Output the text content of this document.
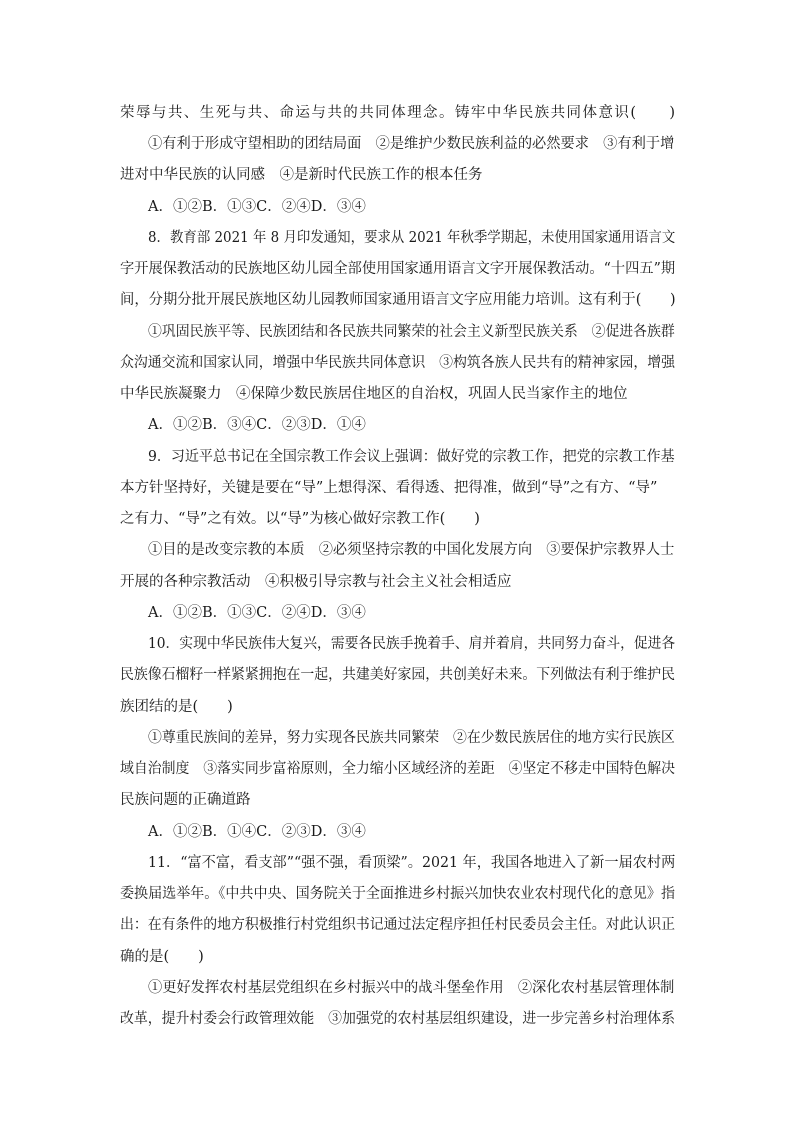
荣辱与共、生死与共、命运与共的共同体理念。铸牢中华民族共同体意识(　　)
①有利于形成守望相助的团结局面　②是维护少数民族利益的必然要求　③有利于增
进对中华民族的认同感　④是新时代民族工作的根本任务
A．①②B．①③C．②④D．③④
8．教育部 2021 年 8 月印发通知，要求从 2021 年秋季学期起，未使用国家通用语言文
字开展保教活动的民族地区幼儿园全部使用国家通用语言文字开展保教活动。“十四五”期
间，分期分批开展民族地区幼儿园教师国家通用语言文字应用能力培训。这有利于(　　)
①巩固民族平等、民族团结和各民族共同繁荣的社会主义新型民族关系　②促进各族群
众沟通交流和国家认同，增强中华民族共同体意识　③构筑各族人民共有的精神家园，增强
中华民族凝聚力　④保障少数民族居住地区的自治权，巩固人民当家作主的地位
A．①②B．③④C．②③D．①④
9．习近平总书记在全国宗教工作会议上强调：做好党的宗教工作，把党的宗教工作基
本方针坚持好，关键是要在“导”上想得深、看得透、把得准，做到“导”之有方、“导”
之有力、“导”之有效。以“导”为核心做好宗教工作(　　)
①目的是改变宗教的本质　②必须坚持宗教的中国化发展方向　③要保护宗教界人士
开展的各种宗教活动　④积极引导宗教与社会主义社会相适应
A．①②B．①③C．②④D．③④
10．实现中华民族伟大复兴，需要各民族手挽着手、肩并着肩，共同努力奋斗，促进各
民族像石榴籽一样紧紧拥抱在一起，共建美好家园，共创美好未来。下列做法有利于维护民
族团结的是(　　)
①尊重民族间的差异，努力实现各民族共同繁荣　②在少数民族居住的地方实行民族区
域自治制度　③落实同步富裕原则，全力缩小区域经济的差距　④坚定不移走中国特色解决
民族问题的正确道路
A．①②B．①④C．②③D．③④
11．“富不富，看支部”“强不强，看顶梁”。2021 年，我国各地进入了新一届农村两
委换届选举年。《中共中央、国务院关于全面推进乡村振兴加快农业农村现代化的意见》指
出：在有条件的地方积极推行村党组织书记通过法定程序担任村民委员会主任。对此认识正
确的是(　　)
①更好发挥农村基层党组织在乡村振兴中的战斗堡垒作用　②深化农村基层管理体制
改革，提升村委会行政管理效能　③加强党的农村基层组织建设，进一步完善乡村治理体系
